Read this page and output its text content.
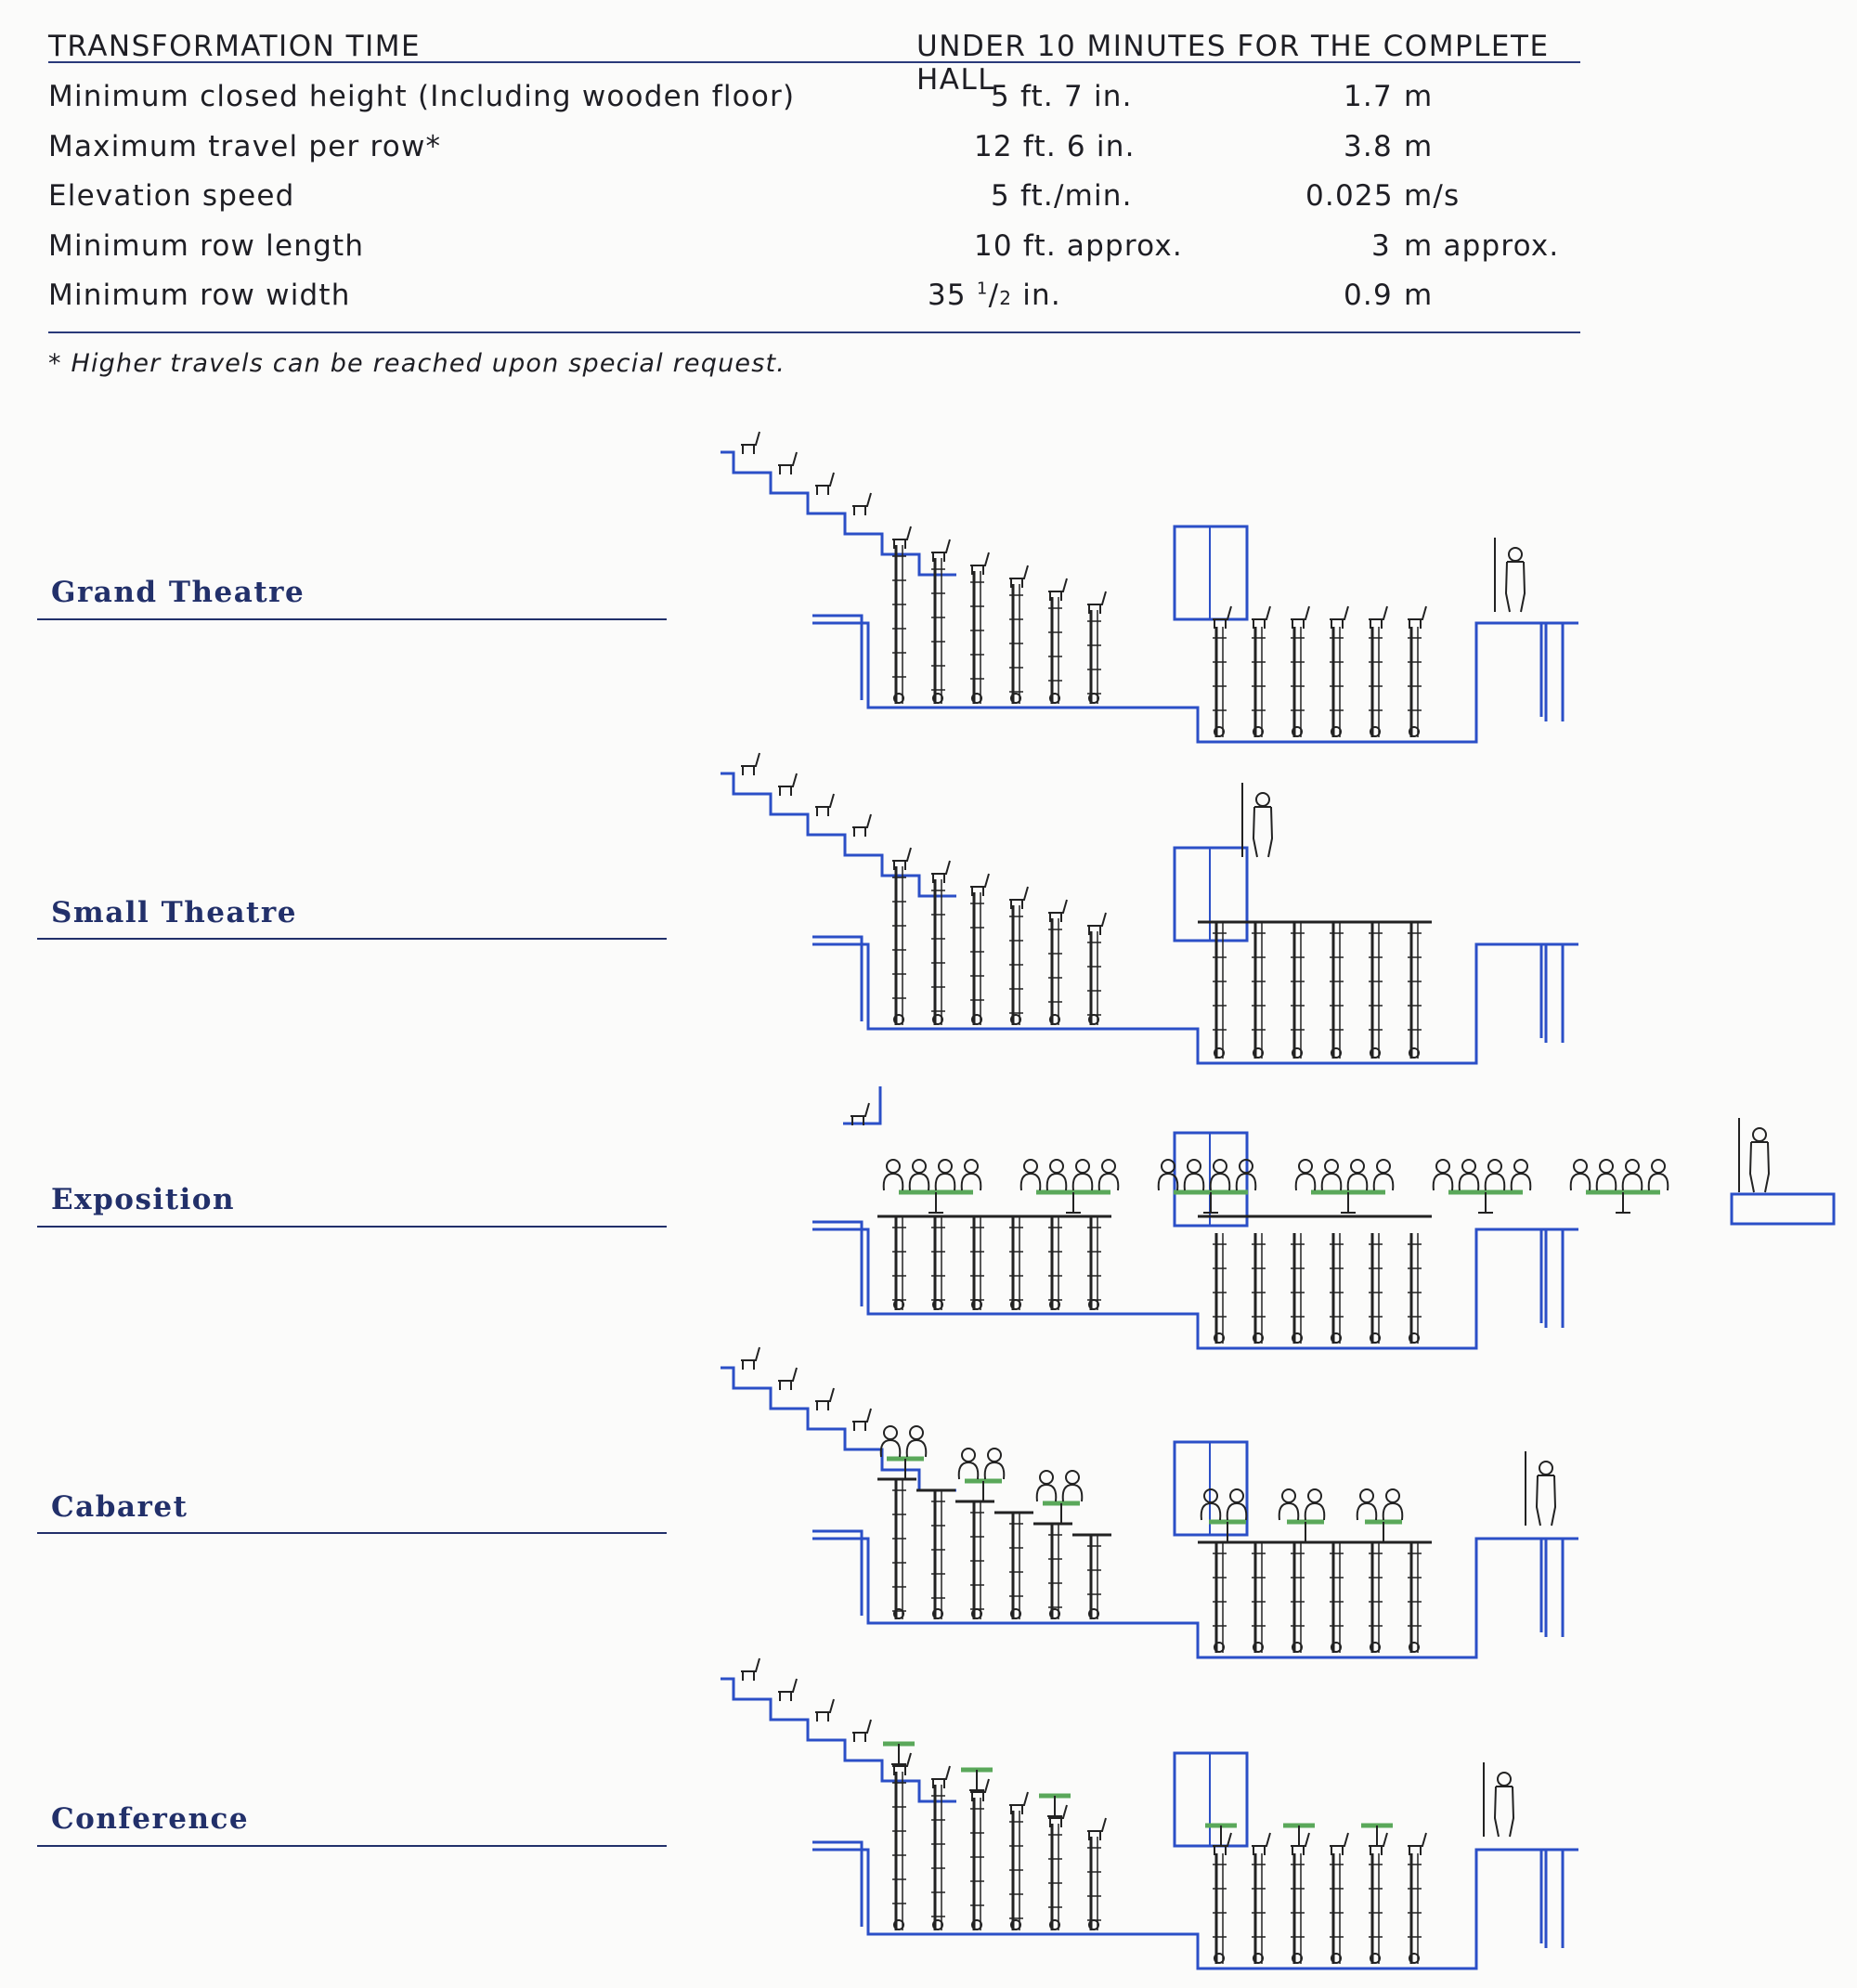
TRANSFORMATION TIME	UNDER 10 MINUTES FOR THE COMPLETE HALL
Minimum closed height (Including wooden floor)	5 ft. 7 in.	1.7 m
Maximum travel per row*	12 ft. 6 in.	3.8 m
Elevation speed	5 ft./min.	0.025 m/s
Minimum row length	10 ft. approx.	3 m approx.
Minimum row width	35 $^1$/2 in.	0.9 m
* Higher travels can be reached upon special request.
Grand Theatre
Small Theatre
Exposition
Cabaret
Conference
